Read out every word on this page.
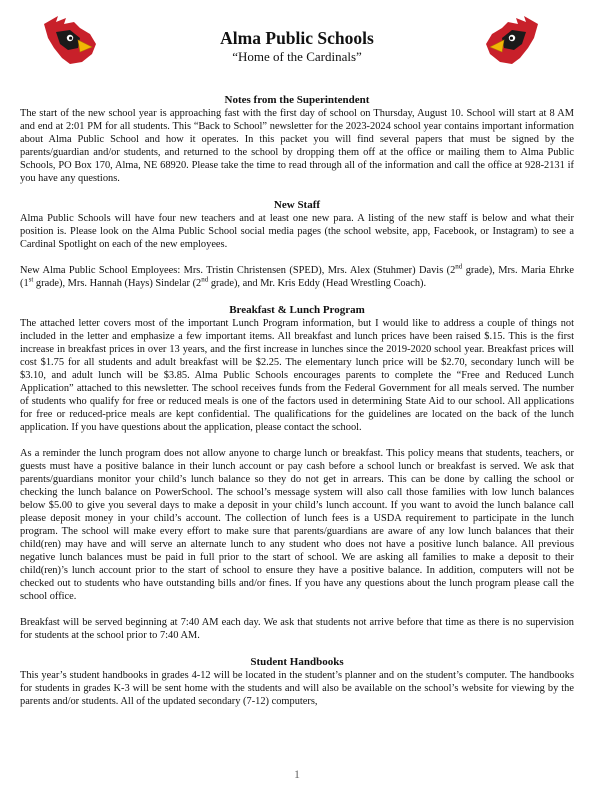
Alma Public Schools
“Home of the Cardinals”
Notes from the Superintendent

The start of the new school year is approaching fast with the first day of school on Thursday, August 10. School will start at 8 AM and end at 2:01 PM for all students. This “Back to School” newsletter for the 2023-2024 school year contains important information about Alma Public School and how it operates. In this packet you will find several papers that must be signed by the parents/guardian and/or students, and returned to the school by dropping them off at the office or mailing them to Alma Public Schools, PO Box 170, Alma, NE 68920. Please take the time to read through all of the information and call the office at 928-2131 if you have any questions.

New Staff

Alma Public Schools will have four new teachers and at least one new para. A listing of the new staff is below and what their position is. Please look on the Alma Public School social media pages (the school website, app, Facebook, or Instagram) to see a Cardinal Spotlight on each of the new employees.

New Alma Public School Employees: Mrs. Tristin Christensen (SPED), Mrs. Alex (Stuhmer) Davis (2nd grade), Mrs. Maria Ehrke (1st grade), Mrs. Hannah (Hays) Sindelar (2nd grade), and Mr. Kris Eddy (Head Wrestling Coach).

Breakfast & Lunch Program

The attached letter covers most of the important Lunch Program information, but I would like to address a couple of things not included in the letter and emphasize a few important items. All breakfast and lunch prices have been raised $.15. This is the first increase in breakfast prices in over 13 years, and the first increase in lunches since the 2019-2020 school year. Breakfast prices will cost $1.75 for all students and adult breakfast will be $2.25. The elementary lunch price will be $2.70, secondary lunch will be $3.10, and adult lunch will be $3.85. Alma Public Schools encourages parents to complete the “Free and Reduced Lunch Application” attached to this newsletter. The school receives funds from the Federal Government for all meals served. The number of students who qualify for free or reduced meals is one of the factors used in determining State Aid to our school. All applications for free or reduced-price meals are kept confidential. The qualifications for the guidelines are located on the back of the lunch application. If you have questions about the application, please contact the school.

As a reminder the lunch program does not allow anyone to charge lunch or breakfast. This policy means that students, teachers, or guests must have a positive balance in their lunch account or pay cash before a school lunch or breakfast is served. We ask that parents/guardians monitor your child’s lunch balance so they do not get in arrears. This can be done by calling the school or checking the lunch balance on PowerSchool. The school’s message system will also call those families with low lunch balances below $5.00 to give you several days to make a deposit in your child’s lunch account. If you want to avoid the lunch balance call please deposit money in your child’s account. The collection of lunch fees is a USDA requirement to participate in the lunch program. The school will make every effort to make sure that parents/guardians are aware of any low lunch balances that their child(ren) may have and will serve an alternate lunch to any student who does not have a positive lunch balance. All previous negative lunch balances must be paid in full prior to the start of school. We are asking all families to make a deposit to their child(ren)’s lunch account prior to the start of school to ensure they have a positive balance. In addition, computers will not be checked out to students who have outstanding bills and/or fines. If you have any questions about the lunch program please call the school office.

Breakfast will be served beginning at 7:40 AM each day. We ask that students not arrive before that time as there is no supervision for students at the school prior to 7:40 AM.

Student Handbooks

This year’s student handbooks in grades 4-12 will be located in the student’s planner and on the student’s computer. The handbooks for students in grades K-3 will be sent home with the students and will also be available on the school’s website for viewing by the parents and/or students. All of the updated secondary (7-12) computers,

1
